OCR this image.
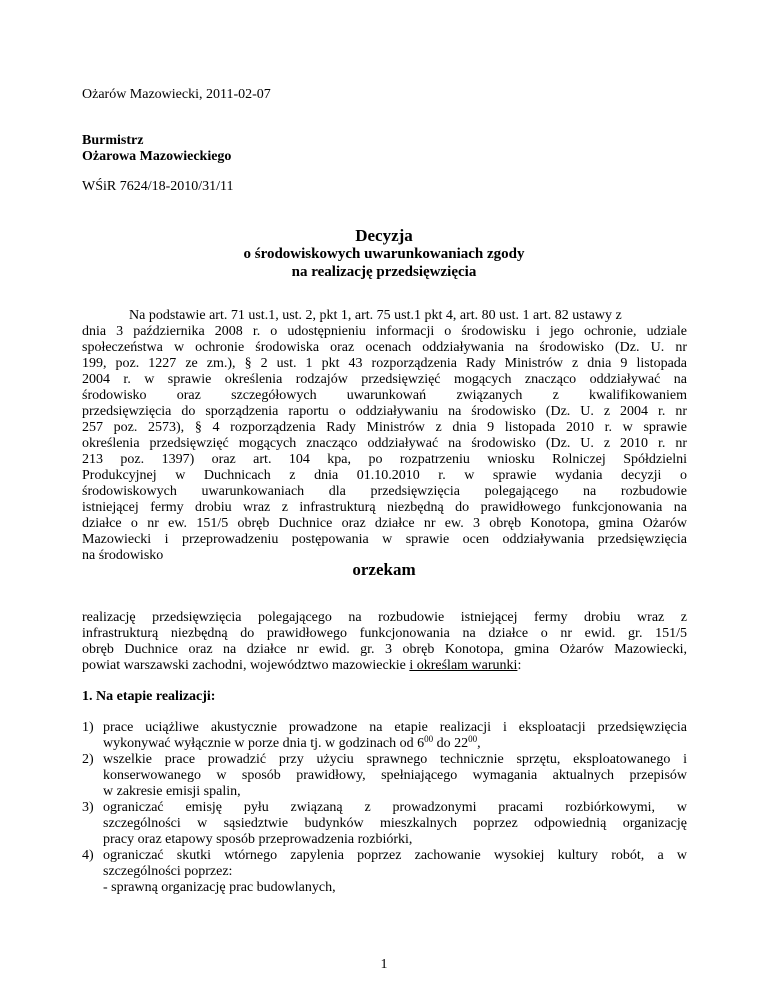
Ożarów Mazowiecki, 2011-02-07
Burmistrz
Ożarowa Mazowieckiego
WŚiR 7624/18-2010/31/11
Decyzja
o środowiskowych uwarunkowaniach zgody
na realizację przedsięwzięcia
Na podstawie art. 71 ust.1, ust. 2, pkt 1, art. 75 ust.1 pkt 4, art. 80 ust. 1 art. 82 ustawy z
dnia 3 października 2008 r. o udostępnieniu informacji o środowisku i jego ochronie, udziale
społeczeństwa w ochronie środowiska oraz ocenach oddziaływania na środowisko (Dz. U. nr
199, poz. 1227 ze zm.), § 2 ust. 1 pkt 43 rozporządzenia Rady Ministrów z dnia 9 listopada
2004 r. w sprawie określenia rodzajów przedsięwzięć mogących znacząco oddziaływać na
środowisko oraz szczegółowych uwarunkowań związanych z kwalifikowaniem
przedsięwzięcia do sporządzenia raportu o oddziaływaniu na środowisko (Dz. U. z 2004 r. nr
257 poz. 2573), § 4 rozporządzenia Rady Ministrów z dnia 9 listopada 2010 r. w sprawie
określenia przedsięwzięć mogących znacząco oddziaływać na środowisko (Dz. U. z 2010 r. nr
213 poz. 1397) oraz art. 104 kpa, po rozpatrzeniu wniosku Rolniczej Spółdzielni
Produkcyjnej w Duchnicach z dnia 01.10.2010 r. w sprawie wydania decyzji o
środowiskowych uwarunkowaniach dla przedsięwzięcia polegającego na rozbudowie
istniejącej fermy drobiu wraz z infrastrukturą niezbędną do prawidłowego funkcjonowania na
działce o nr ew. 151/5 obręb Duchnice oraz działce nr ew. 3 obręb Konotopa, gmina Ożarów
Mazowiecki i przeprowadzeniu postępowania w sprawie ocen oddziaływania przedsięwzięcia
na środowisko
orzekam
realizację przedsięwzięcia polegającego na rozbudowie istniejącej fermy drobiu wraz z
infrastrukturą niezbędną do prawidłowego funkcjonowania na działce o nr ewid. gr. 151/5
obręb Duchnice oraz na działce nr ewid. gr. 3 obręb Konotopa, gmina Ożarów Mazowiecki,
powiat warszawski zachodni, województwo mazowieckie i określam warunki:
1. Na etapie realizacji:
1) prace uciążliwe akustycznie prowadzone na etapie realizacji i eksploatacji przedsięwzięcia
wykonywać wyłącznie w porze dnia tj. w godzinach od $6^{00}$ do $22^{00}$,
2) wszelkie prace prowadzić przy użyciu sprawnego technicznie sprzętu, eksploatowanego i
konserwowanego w sposób prawidłowy, spełniającego wymagania aktualnych przepisów
w zakresie emisji spalin,
3) ograniczać emisję pyłu związaną z prowadzonymi pracami rozbiórkowymi, w
szczególności w sąsiedztwie budynków mieszkalnych poprzez odpowiednią organizację
pracy oraz etapowy sposób przeprowadzenia rozbiórki,
4) ograniczać skutki wtórnego zapylenia poprzez zachowanie wysokiej kultury robót, a w
szczególności poprzez:
- sprawną organizację prac budowlanych,
1
